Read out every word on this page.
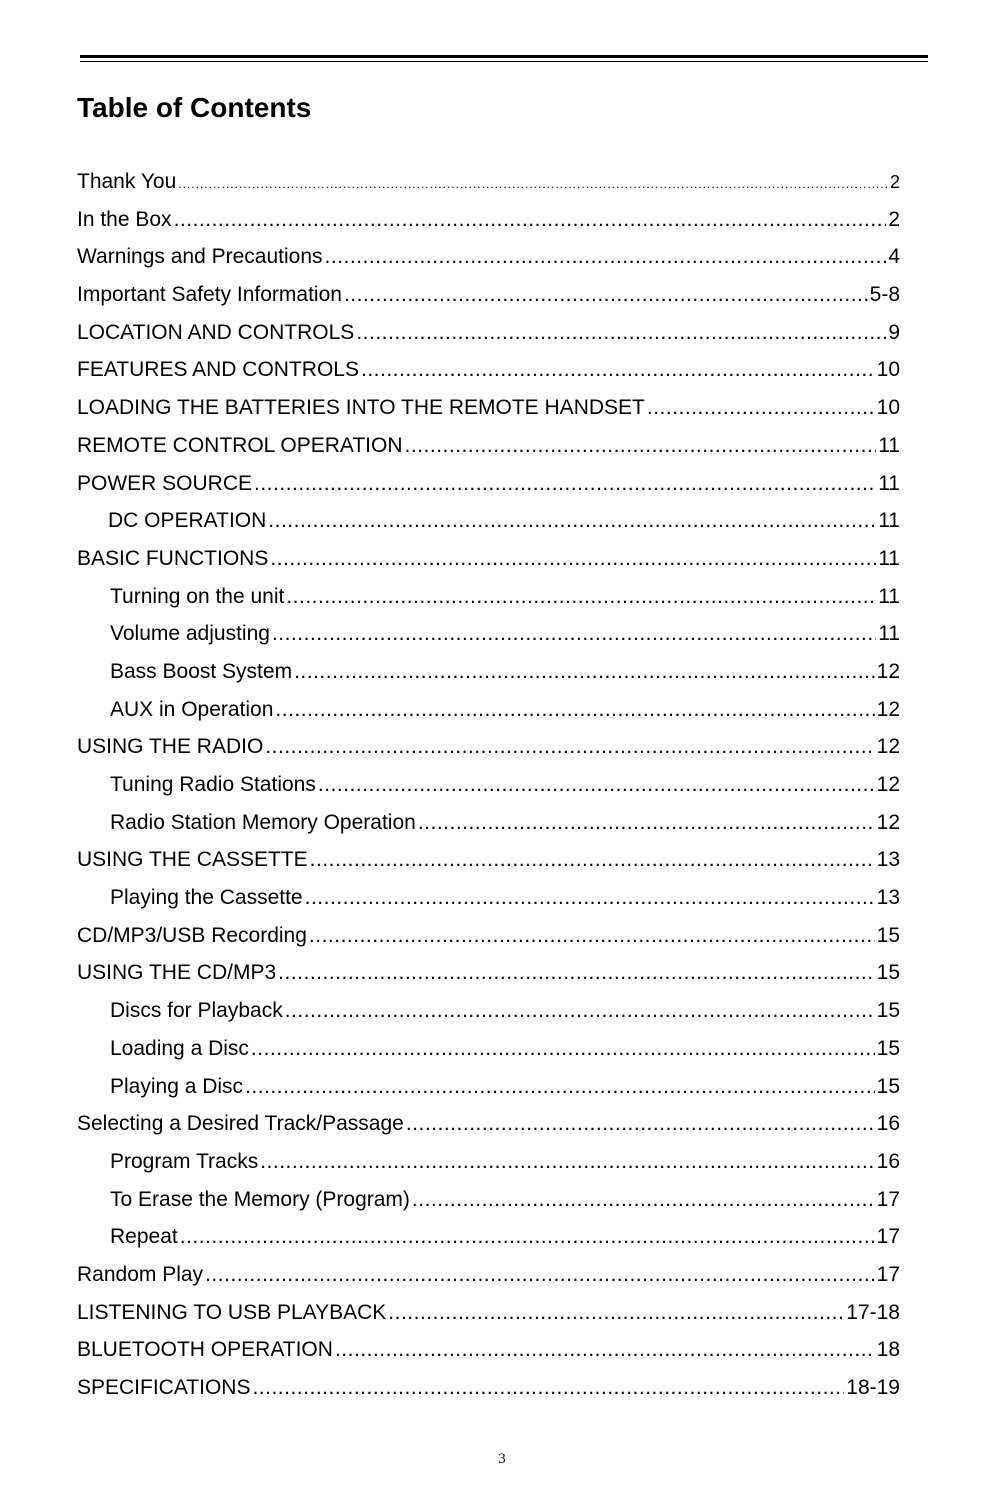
Table of Contents
Thank You .....	2
In the Box .....	2
Warnings and Precautions .....	4
Important Safety Information .....	5-8
LOCATION AND CONTROLS .....	9
FEATURES AND CONTROLS .....	10
LOADING THE BATTERIES INTO THE REMOTE HANDSET .....	10
REMOTE CONTROL OPERATION .....	11
POWER SOURCE .....	11
DC OPERATION .....	11
BASIC FUNCTIONS .....	11
Turning on the unit .....	11
Volume adjusting .....	11
Bass Boost System .....	12
AUX in Operation .....	12
USING THE RADIO .....	12
Tuning Radio Stations .....	12
Radio Station Memory Operation .....	12
USING THE CASSETTE .....	13
Playing the Cassette .....	13
CD/MP3/USB Recording .....	15
USING THE CD/MP3 .....	15
Discs for Playback .....	15
Loading a Disc .....	15
Playing a Disc .....	15
Selecting a Desired Track/Passage .....	16
Program Tracks .....	16
To Erase the Memory (Program) .....	17
Repeat .....	17
Random Play .....	17
LISTENING TO USB PLAYBACK .....	17-18
BLUETOOTH OPERATION .....	18
SPECIFICATIONS .....	18-19
3
